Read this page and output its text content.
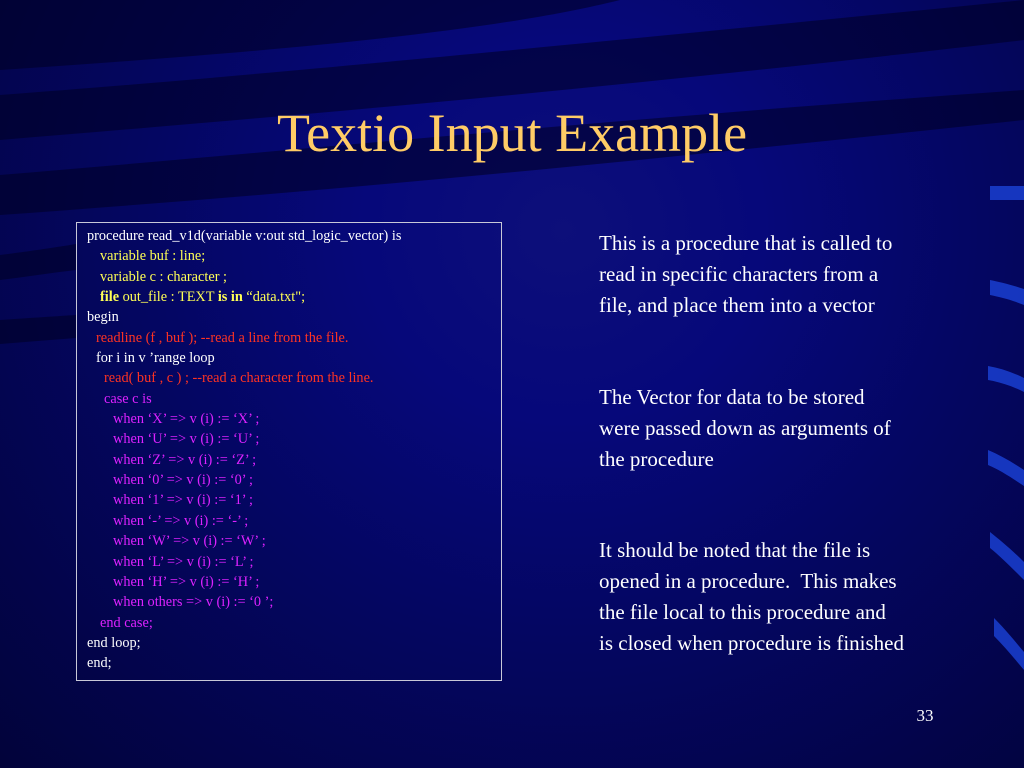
Textio Input Example
procedure read_v1d(variable v:out std_logic_vector) is
variable buf : line;
variable c : character ;
file out_file : TEXT is in “data.txt";
begin
readline (f , buf ); --read a line from the file.
for i in v ’range loop
read( buf , c ) ; --read a character from the line.
case c is
when ‘X’ => v (i) := ‘X’ ;
when ‘U’ => v (i) := ‘U’ ;
when ‘Z’ => v (i) := ‘Z’ ;
when ‘0’ => v (i) := ‘0’ ;
when ‘1’ => v (i) := ‘1’ ;
when ‘-’ => v (i) := ‘-’ ;
when ‘W’ => v (i) := ‘W’ ;
when ‘L’ => v (i) := ‘L’ ;
when ‘H’ => v (i) := ‘H’ ;
when others => v (i) := ‘0 ’;
end case;
end loop;
end;
This is a procedure that is called to
read in specific characters from a
file, and place them into a vector
The Vector for data to be stored
were passed down as arguments of
the procedure
It should be noted that the file is
opened in a procedure.  This makes
the file local to this procedure and
is closed when procedure is finished
33
